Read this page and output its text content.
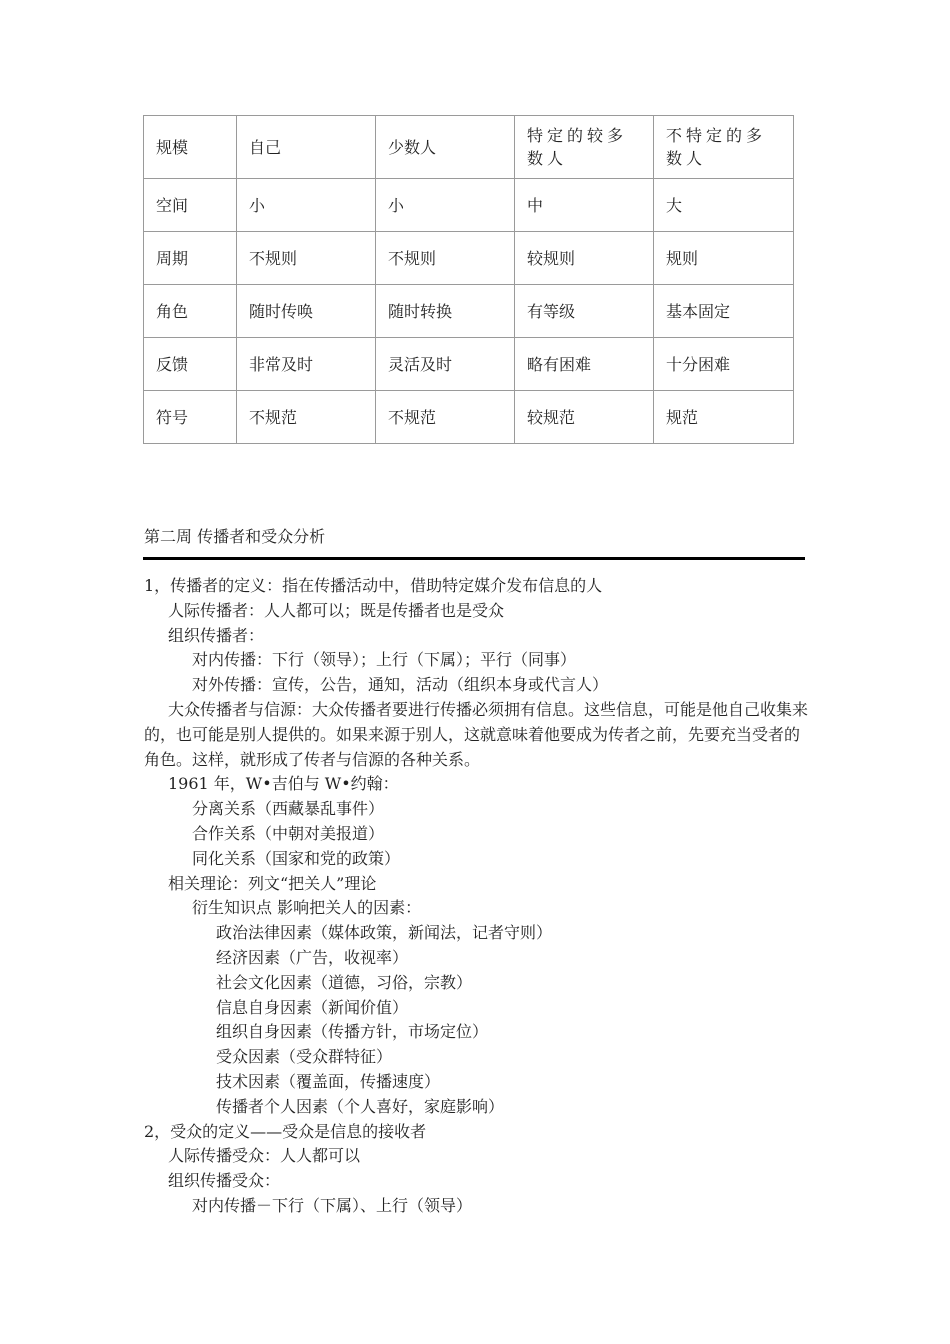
规模	自己	少数人	特定的较多数人	不特定的多数人
空间	小	小	中	大
周期	不规则	不规则	较规则	规则
角色	随时传唤	随时转换	有等级	基本固定
反馈	非常及时	灵活及时	略有困难	十分困难
符号	不规范	不规范	较规范	规范
第二周 传播者和受众分析
1，传播者的定义：指在传播活动中，借助特定媒介发布信息的人
人际传播者：人人都可以；既是传播者也是受众
组织传播者：
对内传播：下行（领导）；上行（下属）；平行（同事）
对外传播：宣传，公告，通知，活动（组织本身或代言人）
大众传播者与信源：大众传播者要进行传播必须拥有信息。这些信息，可能是他自己收集来的，也可能是别人提供的。如果来源于别人，这就意味着他要成为传者之前，先要充当受者的角色。这样，就形成了传者与信源的各种关系。
1961 年，W•吉伯与 W•约翰：
分离关系（西藏暴乱事件）
合作关系（中朝对美报道）
同化关系（国家和党的政策）
相关理论：列文“把关人”理论
衍生知识点 影响把关人的因素：
政治法律因素（媒体政策，新闻法，记者守则）
经济因素（广告，收视率）
社会文化因素（道德，习俗，宗教）
信息自身因素（新闻价值）
组织自身因素（传播方针，市场定位）
受众因素（受众群特征）
技术因素（覆盖面，传播速度）
传播者个人因素（个人喜好，家庭影响）
2，受众的定义——受众是信息的接收者
人际传播受众：人人都可以
组织传播受众：
对内传播－下行（下属）、上行（领导）
